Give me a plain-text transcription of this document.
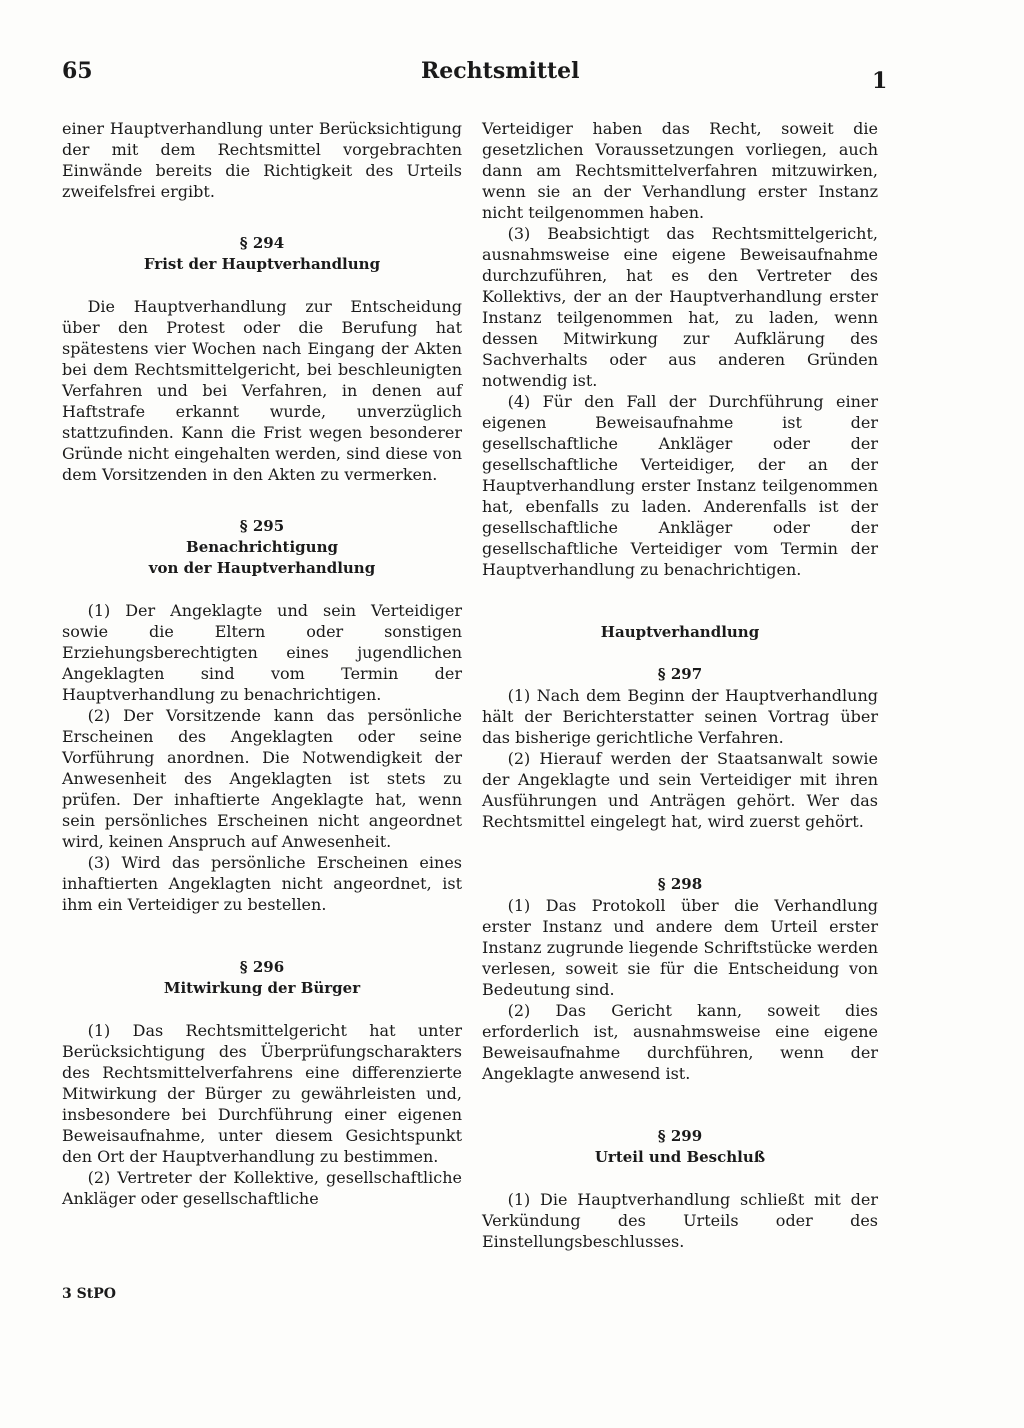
65	Rechtsmittel	1

einer Hauptverhandlung unter Berücksichtigung der mit dem Rechtsmittel vorgebrachten Einwände bereits die Richtigkeit des Urteils zweifelsfrei ergibt.

§ 294
Frist der Hauptverhandlung

Die Hauptverhandlung zur Entscheidung über den Protest oder die Berufung hat spätestens vier Wochen nach Eingang der Akten bei dem Rechtsmittelgericht, bei beschleunigten Verfahren und bei Verfahren, in denen auf Haftstrafe erkannt wurde, unverzüglich stattzufinden. Kann die Frist wegen besonderer Gründe nicht eingehalten werden, sind diese von dem Vorsitzenden in den Akten zu vermerken.

§ 295
Benachrichtigung
von der Hauptverhandlung

(1) Der Angeklagte und sein Verteidiger sowie die Eltern oder sonstigen Erziehungsberechtigten eines jugendlichen Angeklagten sind vom Termin der Hauptverhandlung zu benachrichtigen.

(2) Der Vorsitzende kann das persönliche Erscheinen des Angeklagten oder seine Vorführung anordnen. Die Notwendigkeit der Anwesenheit des Angeklagten ist stets zu prüfen. Der inhaftierte Angeklagte hat, wenn sein persönliches Erscheinen nicht angeordnet wird, keinen Anspruch auf Anwesenheit.

(3) Wird das persönliche Erscheinen eines inhaftierten Angeklagten nicht angeordnet, ist ihm ein Verteidiger zu bestellen.

§ 296
Mitwirkung der Bürger

(1) Das Rechtsmittelgericht hat unter Berücksichtigung des Überprüfungscharakters des Rechtsmittelverfahrens eine differenzierte Mitwirkung der Bürger zu gewährleisten und, insbesondere bei Durchführung einer eigenen Beweisaufnahme, unter diesem Gesichtspunkt den Ort der Hauptverhandlung zu bestimmen.

(2) Vertreter der Kollektive, gesellschaftliche Ankläger oder gesellschaftliche

Verteidiger haben das Recht, soweit die gesetzlichen Voraussetzungen vorliegen, auch dann am Rechtsmittelverfahren mitzuwirken, wenn sie an der Verhandlung erster Instanz nicht teilgenommen haben.

(3) Beabsichtigt das Rechtsmittelgericht, ausnahmsweise eine eigene Beweisaufnahme durchzuführen, hat es den Vertreter des Kollektivs, der an der Hauptverhandlung erster Instanz teilgenommen hat, zu laden, wenn dessen Mitwirkung zur Aufklärung des Sachverhalts oder aus anderen Gründen notwendig ist.

(4) Für den Fall der Durchführung einer eigenen Beweisaufnahme ist der gesellschaftliche Ankläger oder der gesellschaftliche Verteidiger, der an der Hauptverhandlung erster Instanz teilgenommen hat, ebenfalls zu laden. Anderenfalls ist der gesellschaftliche Ankläger oder der gesellschaftliche Verteidiger vom Termin der Hauptverhandlung zu benachrichtigen.

Hauptverhandlung
§ 297

(1) Nach dem Beginn der Hauptverhandlung hält der Berichterstatter seinen Vortrag über das bisherige gerichtliche Verfahren.

(2) Hierauf werden der Staatsanwalt sowie der Angeklagte und sein Verteidiger mit ihren Ausführungen und Anträgen gehört. Wer das Rechtsmittel eingelegt hat, wird zuerst gehört.

§ 298

(1) Das Protokoll über die Verhandlung erster Instanz und andere dem Urteil erster Instanz zugrunde liegende Schriftstücke werden verlesen, soweit sie für die Entscheidung von Bedeutung sind.

(2) Das Gericht kann, soweit dies erforderlich ist, ausnahmsweise eine eigene Beweisaufnahme durchführen, wenn der Angeklagte anwesend ist.

§ 299
Urteil und Beschluß

(1) Die Hauptverhandlung schließt mit der Verkündung des Urteils oder des Einstellungsbeschlusses.

3 StPO
